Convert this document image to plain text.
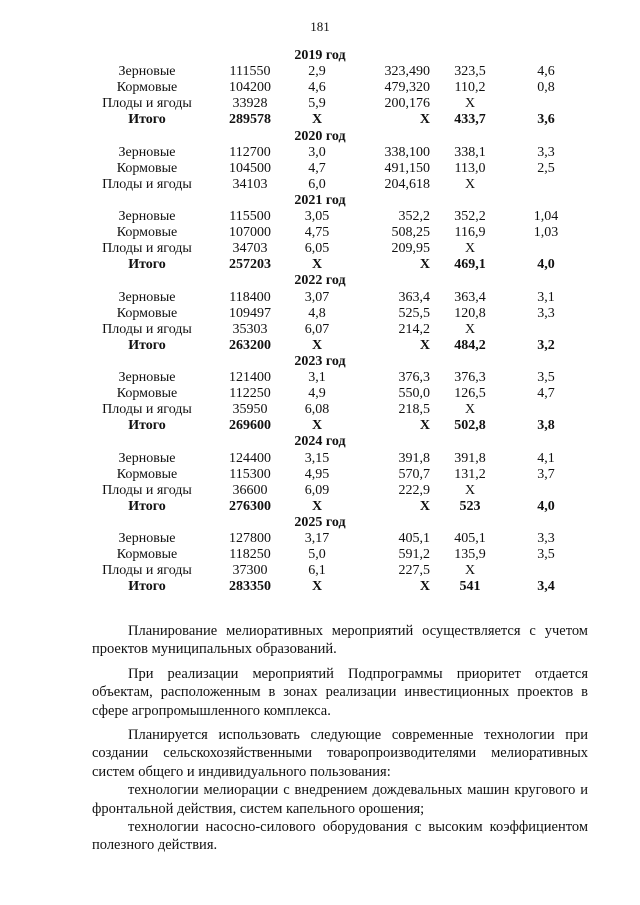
181
2019 год
Зерновые	111550	2,9	323,490	323,5	4,6
Кормовые	104200	4,6	479,320	110,2	0,8
Плоды и ягоды	33928	5,9	200,176	X
Итого	289578	X	X	433,7	3,6
2020 год
Зерновые	112700	3,0	338,100	338,1	3,3
Кормовые	104500	4,7	491,150	113,0	2,5
Плоды и ягоды	34103	6,0	204,618	X
2021 год
Зерновые	115500	3,05	352,2	352,2	1,04
Кормовые	107000	4,75	508,25	116,9	1,03
Плоды и ягоды	34703	6,05	209,95	X
Итого	257203	X	X	469,1	4,0
2022 год
Зерновые	118400	3,07	363,4	363,4	3,1
Кормовые	109497	4,8	525,5	120,8	3,3
Плоды и ягоды	35303	6,07	214,2	X
Итого	263200	X	X	484,2	3,2
2023 год
Зерновые	121400	3,1	376,3	376,3	3,5
Кормовые	112250	4,9	550,0	126,5	4,7
Плоды и ягоды	35950	6,08	218,5	X
Итого	269600	X	X	502,8	3,8
2024 год
Зерновые	124400	3,15	391,8	391,8	4,1
Кормовые	115300	4,95	570,7	131,2	3,7
Плоды и ягоды	36600	6,09	222,9	X
Итого	276300	X	X	523	4,0
2025 год
Зерновые	127800	3,17	405,1	405,1	3,3
Кормовые	118250	5,0	591,2	135,9	3,5
Плоды и ягоды	37300	6,1	227,5	X
Итого	283350	X	X	541	3,4

Планирование мелиоративных мероприятий осуществляется с учетом проектов муниципальных образований.

При реализации мероприятий Подпрограммы приоритет отдается объектам, расположенным в зонах реализации инвестиционных проектов в сфере агропромышленного комплекса.

Планируется использовать следующие современные технологии при создании сельскохозяйственными товаропроизводителями мелиоративных систем общего и индивидуального пользования:

технологии мелиорации с внедрением дождевальных машин кругового и фронтальной действия, систем капельного орошения;

технологии насосно-силового оборудования с высоким коэффициентом полезного действия.
